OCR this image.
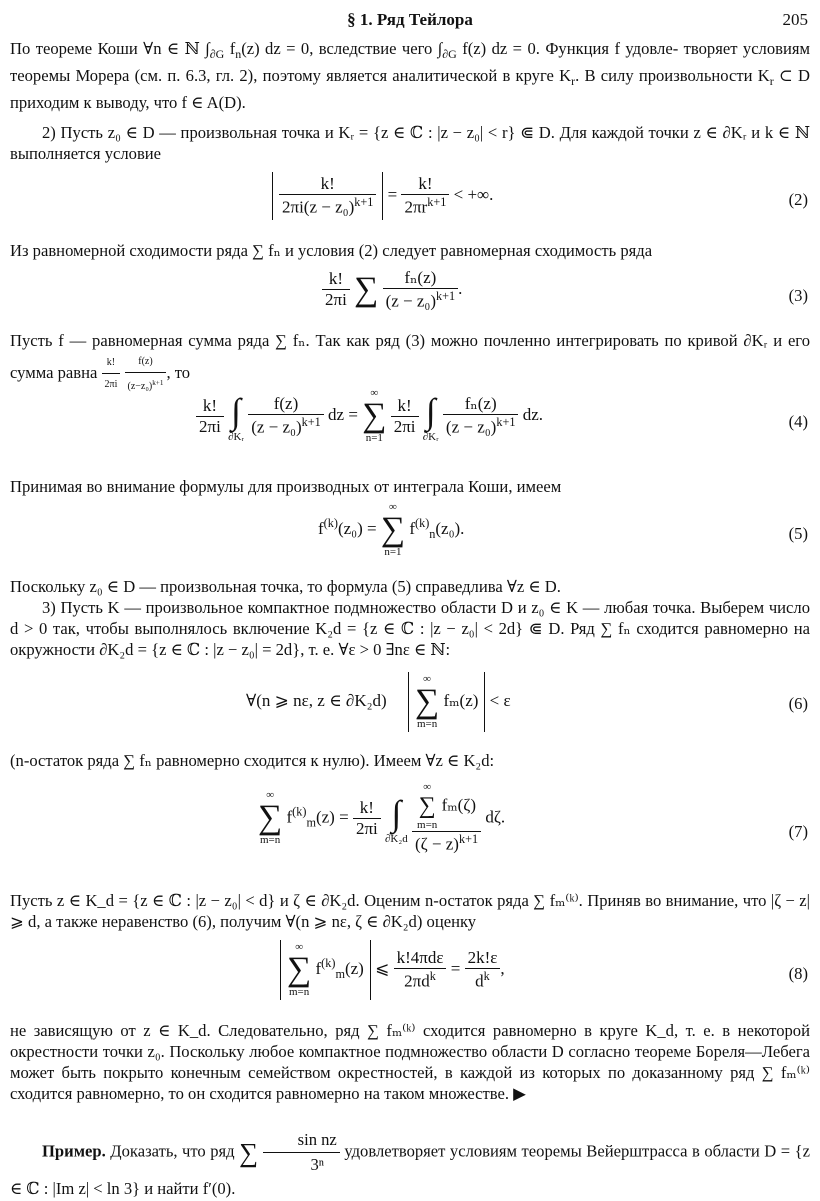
§ 1. Ряд Тейлора	205

По теореме Коши ∀n ∈ ℕ $\int_{\partial G}$ $f_n(z)$ dz = 0, вследствие чего $\int_{\partial G}$ f(z) dz = 0. Функция f удовле- творяет условиям теоремы Морера (см. п. 6.3, гл. 2), поэтому является аналитической в круге $K_r$. В силу произвольности $K_r$ ⊂ D приходим к выводу, что f ∈ A(D).

2) Пусть z₀ ∈ D — произвольная точка и Kᵣ = {z ∈ ℂ : |z − z₀| < r} ⋐ D. Для каждой точки z ∈ ∂Kᵣ и k ∈ ℕ выполняется условие

$\frac{k!}{2\pi i(z - z_0)^{k+1}} = \frac{k!}{2\pi r^{k+1}}$ < +∞.	(2)

Из равномерной сходимости ряда ∑ fₙ и условия (2) следует равномерная сходимость ряда

$\frac{k!}{2\pi i}$ ∑ $\frac{\text{fₙ(z)}}{(z - z_0)^{k+1}}$ .	(3)

Пусть f — равномерная сумма ряда ∑ fₙ. Так как ряд (3) можно почленно интегрировать по кривой ∂Kᵣ и его сумма равна $\frac{k!}{2\pi i}$
$\frac{f(z)}{(z-z_0)^{k+1}}$ , то

$\frac{k!}{2\pi i}$ ∫
∂Kᵣ
$\frac{f(z)}{(z - z_0)^{k+1}}$ dz =
∞
∑
n=1

$\frac{k!}{2\pi i}$ ∫
∂Kᵣ
$\frac{\text{fₙ(z)}}{(z - z_0)^{k+1}}$ dz.	(4)

Принимая во внимание формулы для производных от интеграла Коши, имеем

$f^{(k)}(z_0)$ =
∞
∑
n=1
$f^{(k)}_n(z_0)$.	(5)

Поскольку z₀ ∈ D — произвольная точка, то формула (5) справедлива ∀z ∈ D.

3) Пусть K — произвольное компактное подмножество области D и z₀ ∈ K — любая точка. Выберем число d > 0 так, чтобы выполнялось включение K₂d = {z ∈ ℂ : |z − z₀| < 2d} ⋐ D. Ряд ∑ fₙ сходится равномерно на окружности ∂K₂d = {z ∈ ℂ : |z − z₀| = 2d}, т. е. ∀ε > 0 ∃nε ∈ ℕ:

∀(n ⩾ nε, z ∈ ∂K₂d)
∞
∑
m=n
fₘ(z) < ε	(6)

(n-остаток ряда ∑ fₙ равномерно сходится к нулю). Имеем ∀z ∈ K₂d:

∞
∑
m=n
$f^{(k)}_m(z) = \frac{k!}{2\pi i}$ ∫
∂K₂d
∞
∑
m=n
fₘ(ζ)
$(\zeta - z)^{k+1}$ dζ.
(7)

Пусть z ∈ K_d = {z ∈ ℂ : |z − z₀| < d} и ζ ∈ ∂K₂d. Оценим n-остаток ряда ∑ fₘ⁽ᵏ⁾. Приняв во внимание, что |ζ − z| ⩾ d, а также неравенство (6), получим ∀(n ⩾ nε, ζ ∈ ∂K₂d) оценку

∞
∑
m=n
$f^{(k)}_m(z)$ ⩽ $\frac{\text{k!4πdε}}{2\pi d^k} = \frac{2k!\varepsilon}{d^k}$ ,	(8)

не зависящую от z ∈ K_d. Следовательно, ряд ∑ fₘ⁽ᵏ⁾ сходится равномерно в круге K_d, т. е. в некоторой окрестности точки z₀. Поскольку любое компактное подмножество области D согласно теореме Бореля—Лебега может быть покрыто конечным семейством окрестностей, в каждой из которых по доказанному ряд ∑ fₘ⁽ᵏ⁾ сходится равномерно, то он сходится равномерно на таком множестве. ▶

Пример. Доказать, что ряд ∑ $\frac{\text{sin nz}}{\text{3ⁿ}}$ удовлетворяет условиям теоремы Вейерштрасса в области D = {z ∈ ℂ : |Im z| < ln 3} и найти f′(0).
